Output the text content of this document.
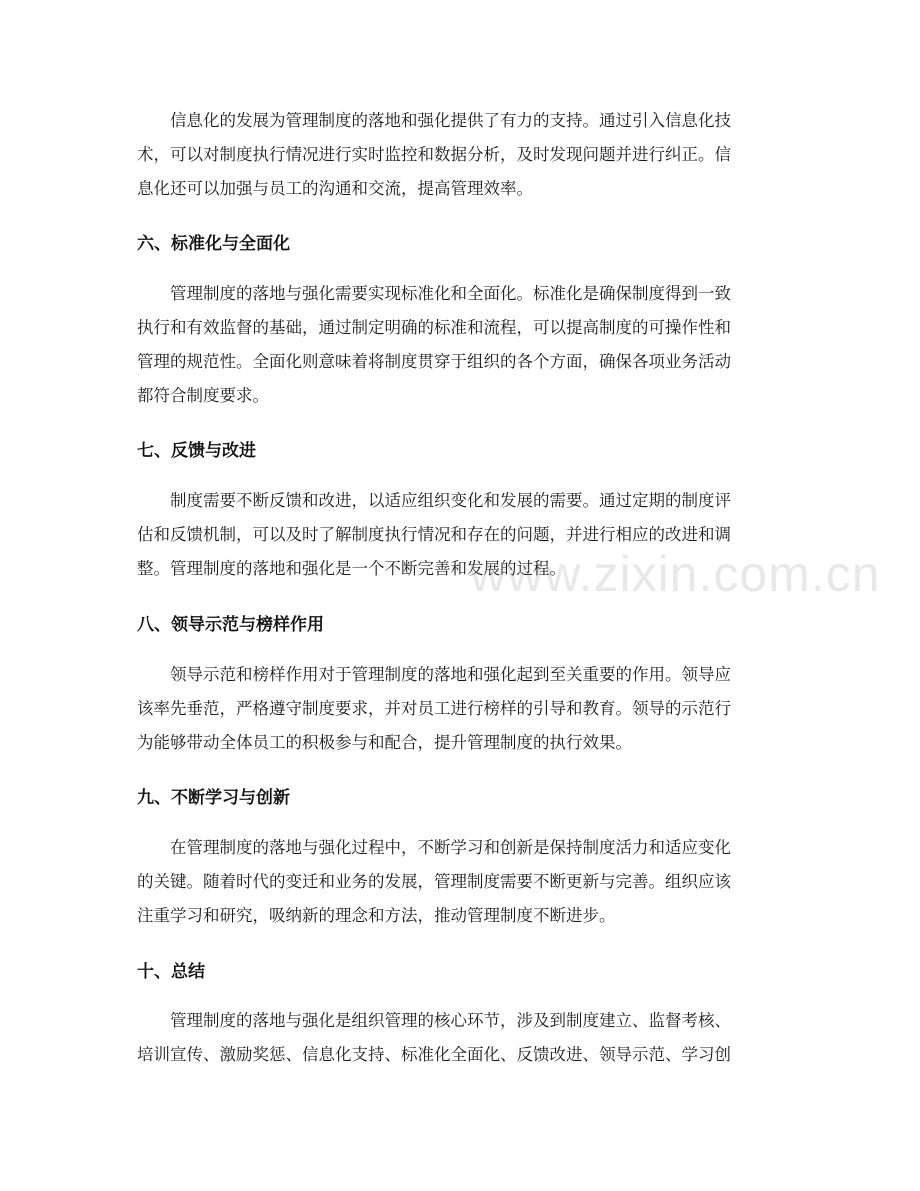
信息化的发展为管理制度的落地和强化提供了有力的支持。通过引入信息化技
术，可以对制度执行情况进行实时监控和数据分析，及时发现问题并进行纠正。信
息化还可以加强与员工的沟通和交流，提高管理效率。
六、标准化与全面化
管理制度的落地与强化需要实现标准化和全面化。标准化是确保制度得到一致
执行和有效监督的基础，通过制定明确的标准和流程，可以提高制度的可操作性和
管理的规范性。全面化则意味着将制度贯穿于组织的各个方面，确保各项业务活动
都符合制度要求。
七、反馈与改进
制度需要不断反馈和改进，以适应组织变化和发展的需要。通过定期的制度评
估和反馈机制，可以及时了解制度执行情况和存在的问题，并进行相应的改进和调
整。管理制度的落地和强化是一个不断完善和发展的过程。
八、领导示范与榜样作用
领导示范和榜样作用对于管理制度的落地和强化起到至关重要的作用。领导应
该率先垂范，严格遵守制度要求，并对员工进行榜样的引导和教育。领导的示范行
为能够带动全体员工的积极参与和配合，提升管理制度的执行效果。
九、不断学习与创新
在管理制度的落地与强化过程中，不断学习和创新是保持制度活力和适应变化
的关键。随着时代的变迁和业务的发展，管理制度需要不断更新与完善。组织应该
注重学习和研究，吸纳新的理念和方法，推动管理制度不断进步。
十、总结
管理制度的落地与强化是组织管理的核心环节，涉及到制度建立、监督考核、
培训宣传、激励奖惩、信息化支持、标准化全面化、反馈改进、领导示范、学习创
www.zixin.com.cn
